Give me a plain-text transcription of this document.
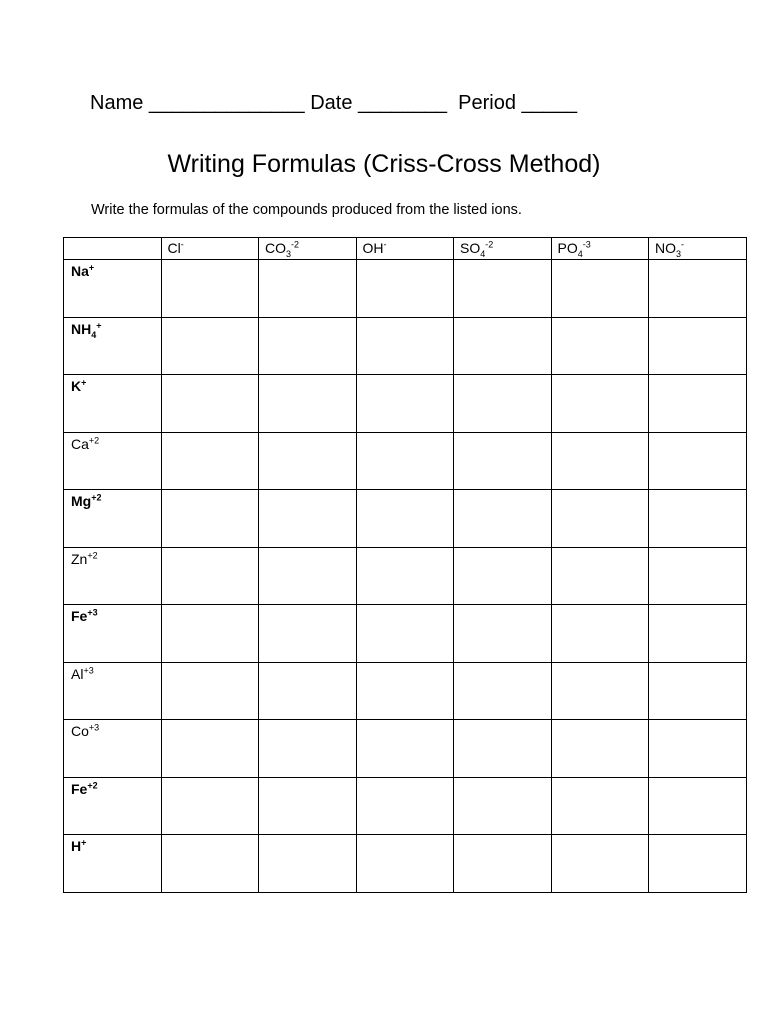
Name ______________ Date ________ Period _____
Writing Formulas (Criss-Cross Method)
Write the formulas of the compounds produced from the listed ions.
	Cl-	$CO_3^{-2}$	OH-	$SO_4^{-2}$	$PO_4^{-3}$	$NO_3^-$
Na+						
$NH_4^+$						
K+						
$Ca^{+2}$						
$Mg^{+2}$						
$Zn^{+2}$						
$Fe^{+3}$						
$Al^{+3}$						
$Co^{+3}$						
$Fe^{+2}$						
H+						
